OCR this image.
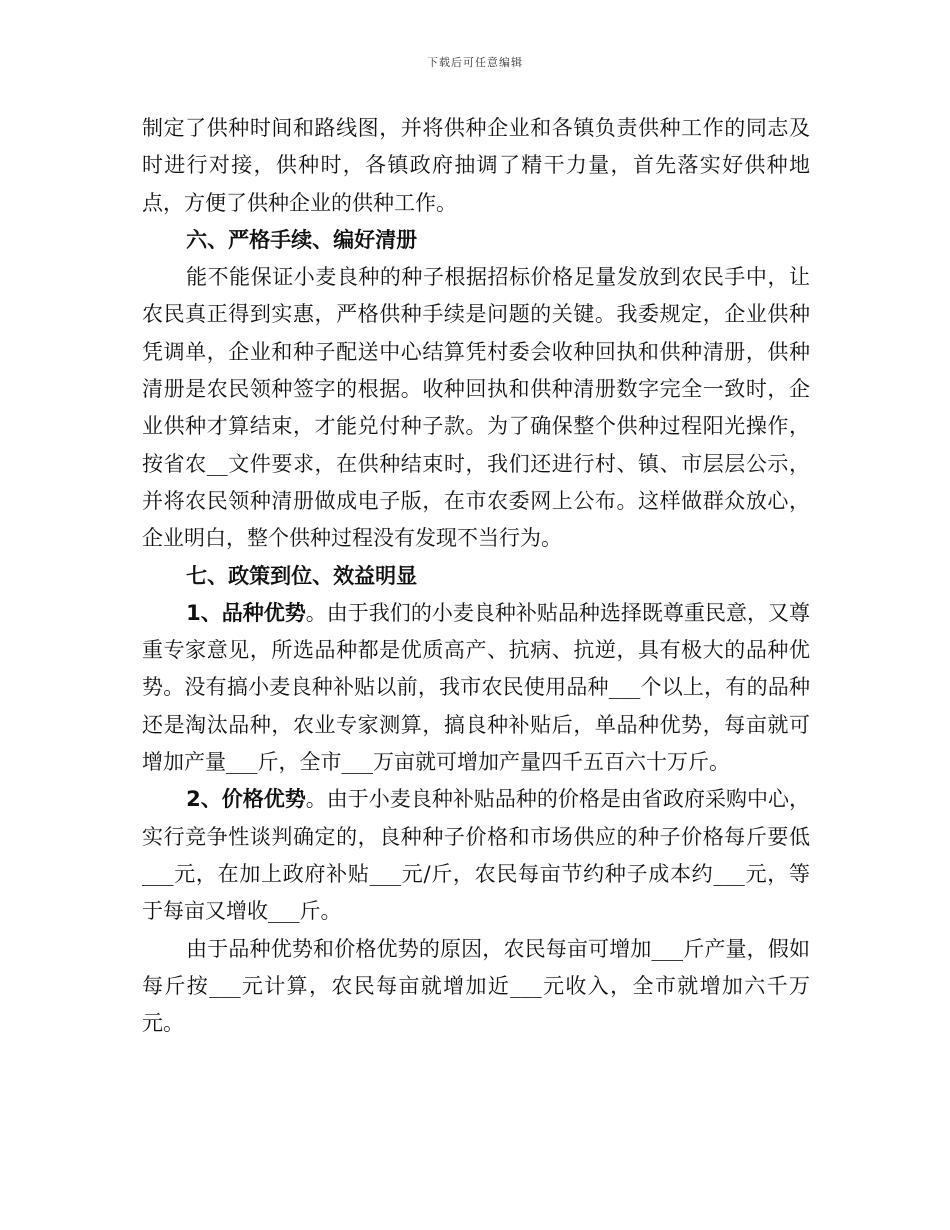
下载后可任意编辑

制定了供种时间和路线图，并将供种企业和各镇负责供种工作的同志及时进行对接，供种时，各镇政府抽调了精干力量，首先落实好供种地点，方便了供种企业的供种工作。

六、严格手续、编好清册

能不能保证小麦良种的种子根据招标价格足量发放到农民手中，让农民真正得到实惠，严格供种手续是问题的关键。我委规定，企业供种凭调单，企业和种子配送中心结算凭村委会收种回执和供种清册，供种清册是农民领种签字的根据。收种回执和供种清册数字完全一致时，企业供种才算结束，才能兑付种子款。为了确保整个供种过程阳光操作，按省农__文件要求，在供种结束时，我们还进行村、镇、市层层公示，并将农民领种清册做成电子版，在市农委网上公布。这样做群众放心，企业明白，整个供种过程没有发现不当行为。

七、政策到位、效益明显

1、品种优势。由于我们的小麦良种补贴品种选择既尊重民意，又尊重专家意见，所选品种都是优质高产、抗病、抗逆，具有极大的品种优势。没有搞小麦良种补贴以前，我市农民使用品种___个以上，有的品种还是淘汰品种，农业专家测算，搞良种补贴后，单品种优势，每亩就可增加产量___斤，全市___万亩就可增加产量四千五百六十万斤。

2、价格优势。由于小麦良种补贴品种的价格是由省政府采购中心，实行竞争性谈判确定的，良种种子价格和市场供应的种子价格每斤要低___元，在加上政府补贴___元/斤，农民每亩节约种子成本约___元，等于每亩又增收___斤。

由于品种优势和价格优势的原因，农民每亩可增加___斤产量，假如每斤按___元计算，农民每亩就增加近___元收入，全市就增加六千万元。
